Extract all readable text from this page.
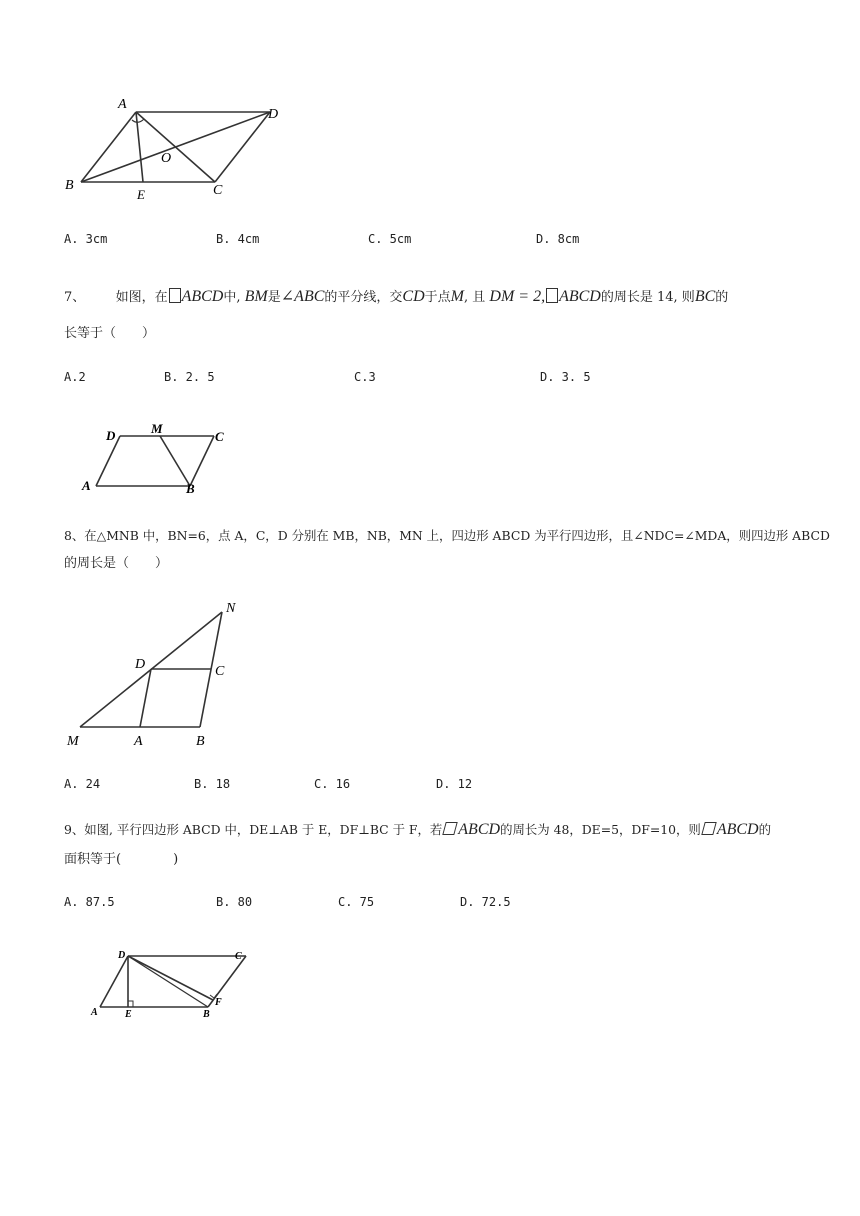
A
D
B	C
E
O
A. 3cm	B. 4cm	C. 5cm	D. 8cm
7、 如图，在 ABCD中, BM是∠ABC的平分线，交CD于点M, 且 DM = 2, ABCD的周长是 14, 则BC的
长等于（　　）
A.2	B. 2. 5	C.3	D. 3. 5
D	M
C
A	B
8、在△MNB 中，BN=6，点 A，C，D 分别在 MB，NB，MN 上，四边形 ABCD 为平行四边形，且∠NDC=∠MDA，则四边形 ABCD
的周长是（　　）
N
D	C
M	A	B
A. 24	B. 18	C. 16	D. 12
9、如图, 平行四边形 ABCD 中，DE⊥AB 于 E，DF⊥BC 于 F，若 ABCD的周长为 48，DE=5，DF=10，则 ABCD的
面积等于(　　　　)
A. 87.5	B. 80	C. 75	D. 72.5
D	C
A	E	B
F
